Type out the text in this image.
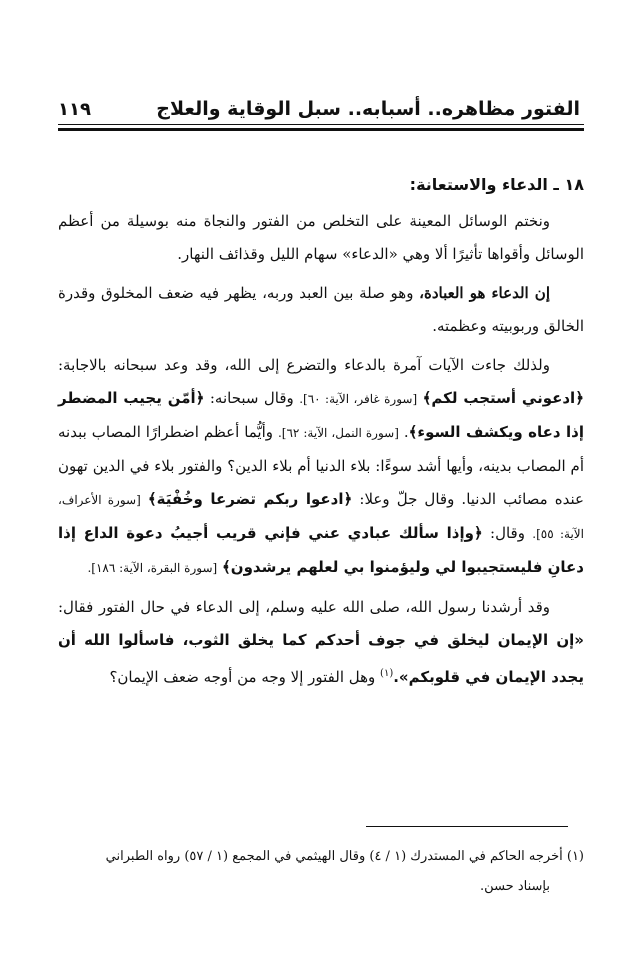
الفتور مظاهره.. أسبابه.. سبل الوقاية والعلاج
١١٩
١٨ ـ الدعاء والاستعانة:

ونختم الوسائل المعينة على التخلص من الفتور والنجاة منه بوسيلة من أعظم الوسائل وأقواها تأثيرًا ألا وهي «الدعاء» سهام الليل وقذائف النهار.

إن الدعاء هو العبادة، وهو صلة بين العبد وربه، يظهر فيه ضعف المخلوق وقدرة الخالق وربوبيته وعظمته.

ولذلك جاءت الآيات آمرة بالدعاء والتضرع إلى الله، وقد وعد سبحانه بالاجابة: ﴿ادعوني أستجب لكم﴾ [سورة غافر، الآية: ٦٠]. وقال سبحانه: ﴿أمّن يجيب المضطر إذا دعاه ويكشف السوء﴾. [سورة النمل، الآية: ٦٢]. وأيُّما أعظم اضطرارًا المصاب ببدنه أم المصاب بدينه، وأيها أشد سوءًا: بلاء الدنيا أم بلاء الدين؟ والفتور بلاء في الدين تهون عنده مصائب الدنيا. وقال جلّ وعلا: ﴿ادعوا ربكم تضرعا وخُفْيَة﴾ [سورة الأعراف، الآية: ٥٥]. وقال: ﴿وإذا سألك عبادي عني فإني قريب أجيبُ دعوة الداع إذا دعانِ فليستجيبوا لي وليؤمنوا بي لعلهم يرشدون﴾ [سورة البقرة، الآية: ١٨٦].

وقد أرشدنا رسول الله، صلى الله عليه وسلم، إلى الدعاء في حال الفتور فقال: «إن الإيمان ليخلق في جوف أحدكم كما يخلق الثوب، فاسألوا الله أن يجدد الإيمان في قلوبكم».$^{(١)}$ وهل الفتور إلا وجه من أوجه ضعف الإيمان؟

(١) أخرجه الحاكم في المستدرك (١ / ٤) وقال الهيثمي في المجمع (١ / ٥٧) رواه الطبراني
بإسناد حسن.
